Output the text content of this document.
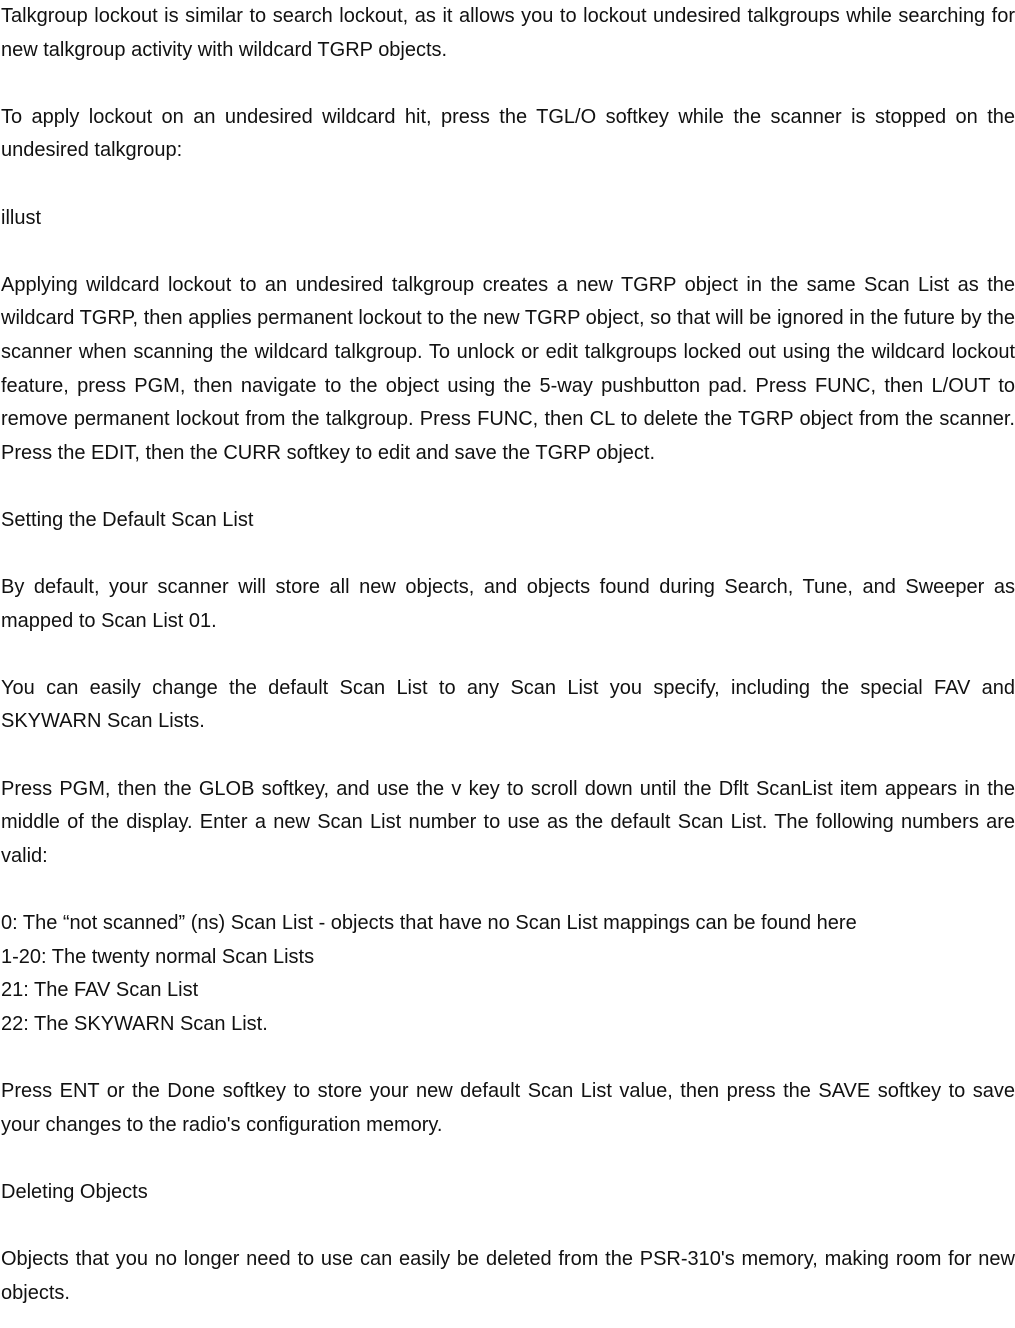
Talkgroup lockout is similar to search lockout, as it allows you to lockout undesired talkgroups while searching for new talkgroup activity with wildcard TGRP objects.

To apply lockout on an undesired wildcard hit, press the TGL/O softkey while the scanner is stopped on the undesired talkgroup:

illust

Applying wildcard lockout to an undesired talkgroup creates a new TGRP object in the same Scan List as the wildcard TGRP, then applies permanent lockout to the new TGRP object, so that will be ignored in the future by the scanner when scanning the wildcard talkgroup. To unlock or edit talkgroups locked out using the wildcard lockout feature, press PGM, then navigate to the object using the 5-way pushbutton pad. Press FUNC, then L/OUT to remove permanent lockout from the talkgroup. Press FUNC, then CL to delete the TGRP object from the scanner. Press the EDIT, then the CURR softkey to edit and save the TGRP object.

Setting the Default Scan List

By default, your scanner will store all new objects, and objects found during Search, Tune, and Sweeper as mapped to Scan List 01.

You can easily change the default Scan List to any Scan List you specify, including the special FAV and SKYWARN Scan Lists.

Press PGM, then the GLOB softkey, and use the v key to scroll down until the Dflt ScanList item appears in the middle of the display. Enter a new Scan List number to use as the default Scan List. The following numbers are valid:

0: The “not scanned” (ns) Scan List - objects that have no Scan List mappings can be found here

1-20: The twenty normal Scan Lists

21: The FAV Scan List

22: The SKYWARN Scan List.

Press ENT or the Done softkey to store your new default Scan List value, then press the SAVE softkey to save your changes to the radio's configuration memory.

Deleting Objects

Objects that you no longer need to use can easily be deleted from the PSR-310's memory, making room for new objects.
